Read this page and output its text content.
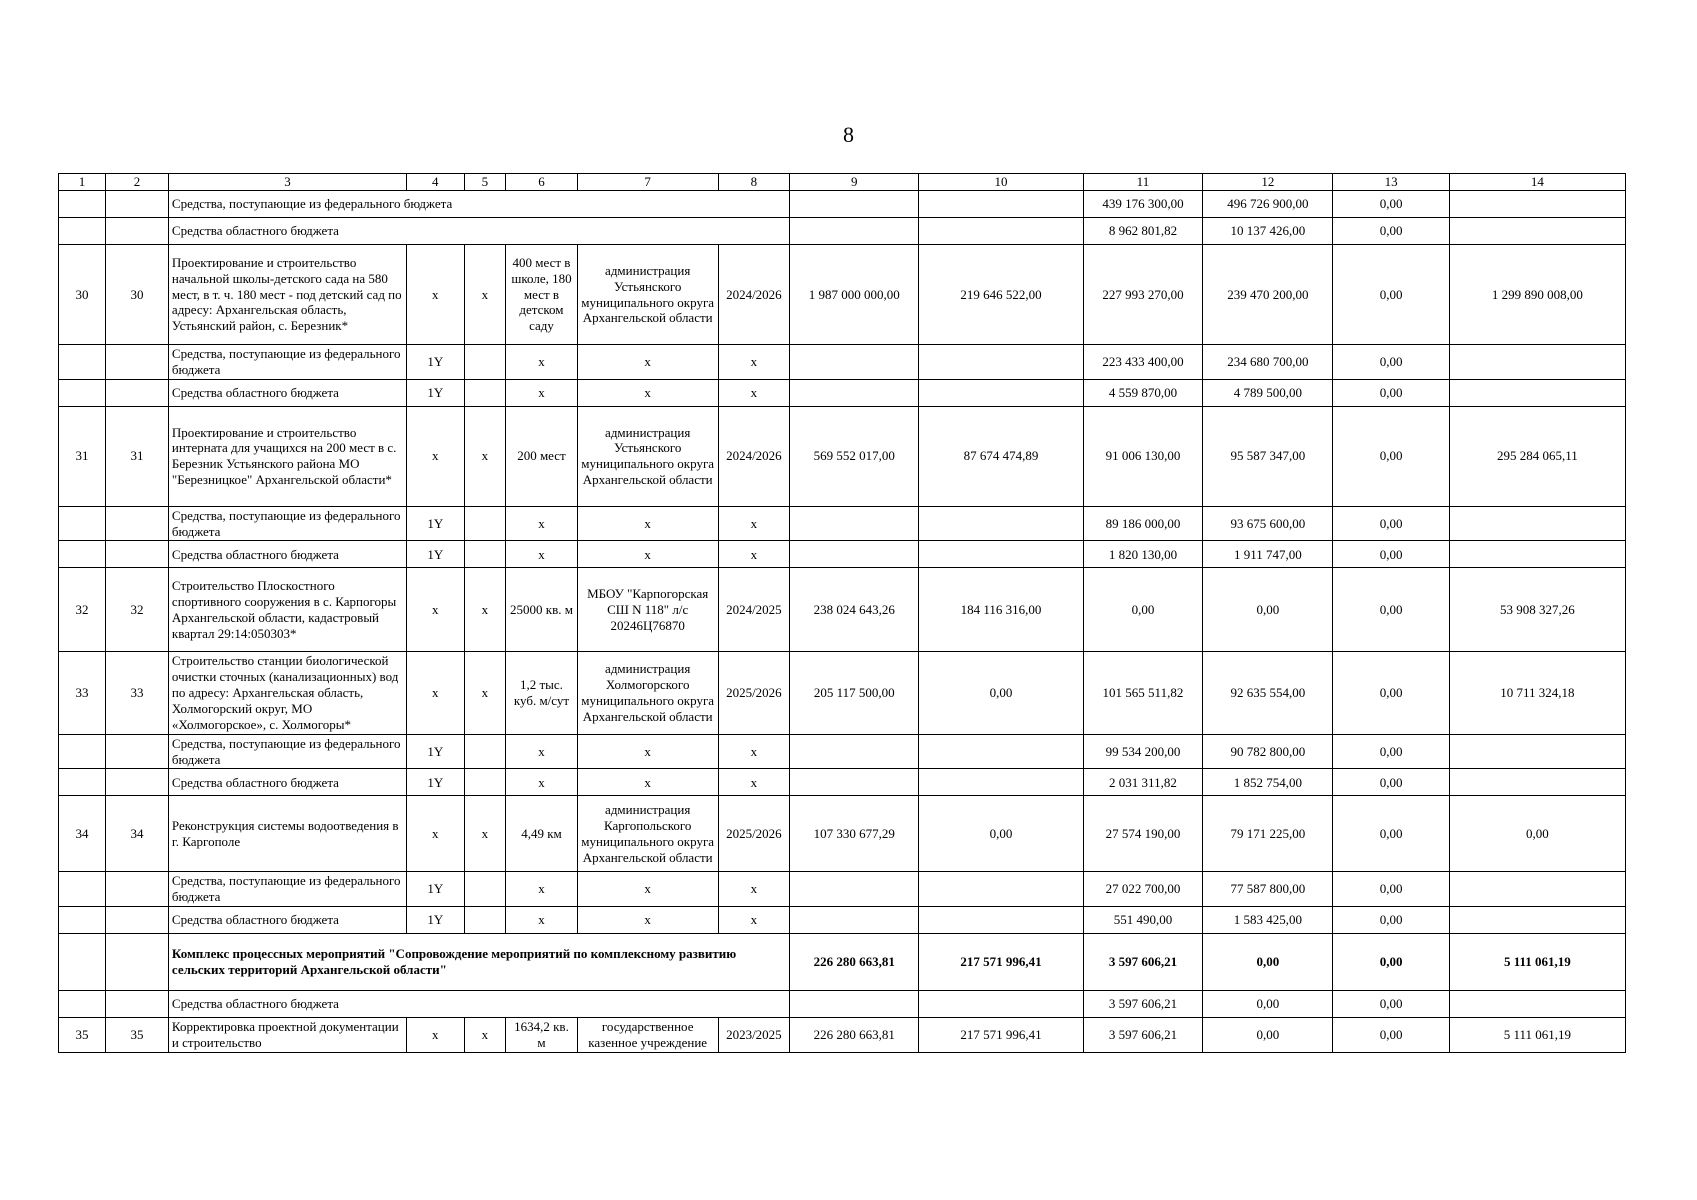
8
1	2	3	4	5	6	7	8	9	10	11	12	13	14
		Средства, поступающие из федерального бюджета								439 176 300,00	496 726 900,00	0,00	
		Средства областного бюджета								8 962 801,82	10 137 426,00	0,00	
30	30	Проектирование и строительство начальной школы-детского сада на 580 мест, в т. ч. 180 мест - под детский сад по адресу: Архангельская область, Устьянский район, с. Березник*	х	х	400 мест в школе, 180 мест в детском саду	администрация Устьянского муниципального округа Архангельской области	2024/2026	1 987 000 000,00	219 646 522,00	227 993 270,00	239 470 200,00	0,00	1 299 890 008,00
		Средства, поступающие из федерального бюджета	1Y		х	х	х			223 433 400,00	234 680 700,00	0,00	
		Средства областного бюджета	1Y		х	х	х			4 559 870,00	4 789 500,00	0,00	
31	31	Проектирование и строительство интерната для учащихся на 200 мест в с. Березник Устьянского района МО "Березницкое" Архангельской области*	х	х	200 мест	администрация Устьянского муниципального округа Архангельской области	2024/2026	569 552 017,00	87 674 474,89	91 006 130,00	95 587 347,00	0,00	295 284 065,11
		Средства, поступающие из федерального бюджета	1Y		х	х	х			89 186 000,00	93 675 600,00	0,00	
		Средства областного бюджета	1Y		х	х	х			1 820 130,00	1 911 747,00	0,00	
32	32	Строительство Плоскостного спортивного сооружения в с. Карпогоры Архангельской области, кадастровый квартал 29:14:050303*	х	х	25000 кв. м	МБОУ "Карпогорская СШ N 118" л/с 20246Ц76870	2024/2025	238 024 643,26	184 116 316,00	0,00	0,00	0,00	53 908 327,26
33	33	Строительство станции биологической очистки сточных (канализационных) вод по адресу: Архангельская область, Холмогорский округ, МО «Холмогорское», с. Холмогоры*	х	х	1,2 тыс. куб. м/сут	администрация Холмогорского муниципального округа Архангельской области	2025/2026	205 117 500,00	0,00	101 565 511,82	92 635 554,00	0,00	10 711 324,18
		Средства, поступающие из федерального бюджета	1Y		х	х	х			99 534 200,00	90 782 800,00	0,00	
		Средства областного бюджета	1Y		х	х	х			2 031 311,82	1 852 754,00	0,00	
34	34	Реконструкция системы водоотведения в г. Каргополе	х	х	4,49 км	администрация Каргопольского муниципального округа Архангельской области	2025/2026	107 330 677,29	0,00	27 574 190,00	79 171 225,00	0,00	0,00
		Средства, поступающие из федерального бюджета	1Y		х	х	х			27 022 700,00	77 587 800,00	0,00	
		Средства областного бюджета	1Y		х	х	х			551 490,00	1 583 425,00	0,00	
		Комплекс процессных мероприятий "Сопровождение мероприятий по комплексному развитию сельских территорий Архангельской области"						226 280 663,81	217 571 996,41	3 597 606,21	0,00	0,00	5 111 061,19
		Средства областного бюджета								3 597 606,21	0,00	0,00	
35	35	Корректировка проектной документации и строительство	х	х	1634,2 кв. м	государственное казенное учреждение	2023/2025	226 280 663,81	217 571 996,41	3 597 606,21	0,00	0,00	5 111 061,19
